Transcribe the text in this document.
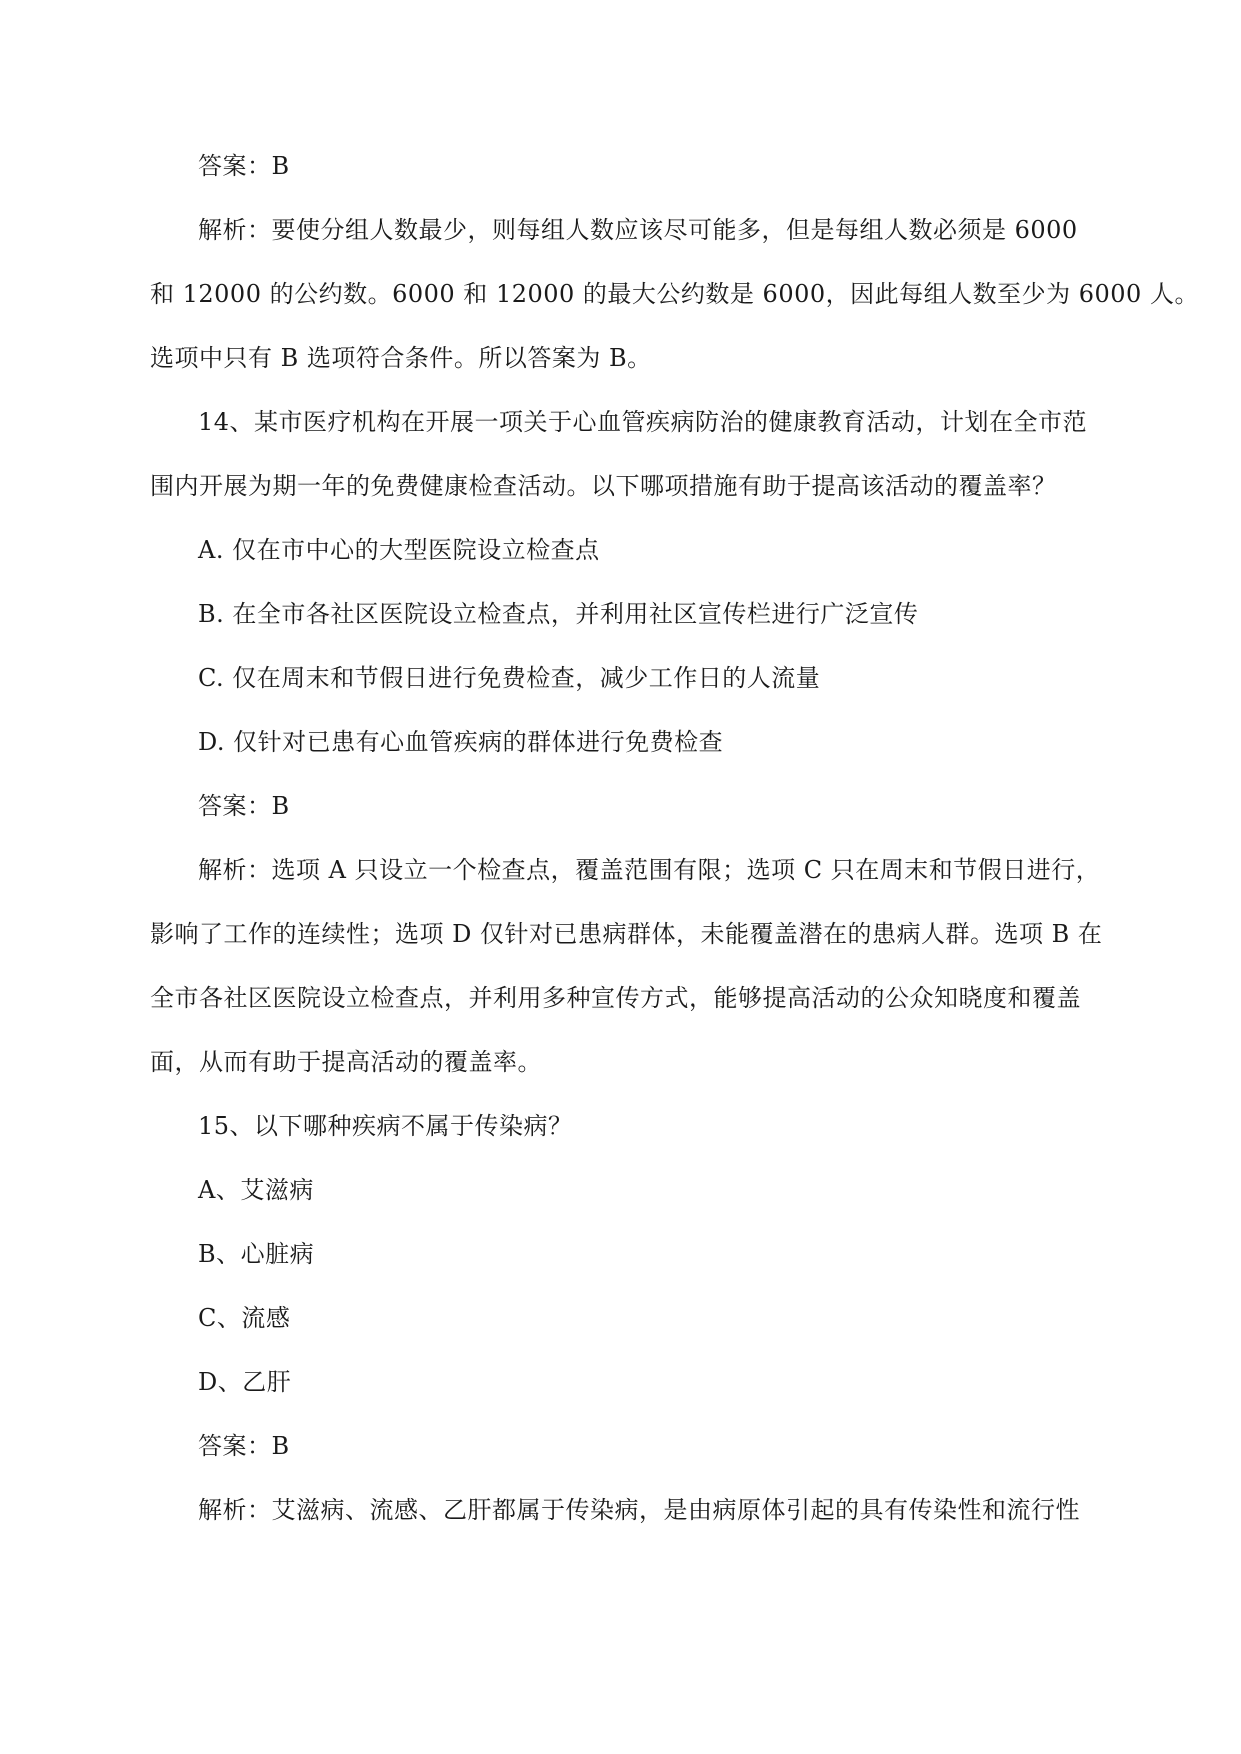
答案：B
解析：要使分组人数最少，则每组人数应该尽可能多，但是每组人数必须是 6000
和 12000 的公约数。6000 和 12000 的最大公约数是 6000，因此每组人数至少为 6000 人。
选项中只有 B 选项符合条件。所以答案为 B。
14、某市医疗机构在开展一项关于心血管疾病防治的健康教育活动，计划在全市范
围内开展为期一年的免费健康检查活动。以下哪项措施有助于提高该活动的覆盖率？
A. 仅在市中心的大型医院设立检查点
B. 在全市各社区医院设立检查点，并利用社区宣传栏进行广泛宣传
C. 仅在周末和节假日进行免费检查，减少工作日的人流量
D. 仅针对已患有心血管疾病的群体进行免费检查
答案：B
解析：选项 A 只设立一个检查点，覆盖范围有限；选项 C 只在周末和节假日进行，
影响了工作的连续性；选项 D 仅针对已患病群体，未能覆盖潜在的患病人群。选项 B 在
全市各社区医院设立检查点，并利用多种宣传方式，能够提高活动的公众知晓度和覆盖
面，从而有助于提高活动的覆盖率。
15、以下哪种疾病不属于传染病？
A、艾滋病
B、心脏病
C、流感
D、乙肝
答案：B
解析：艾滋病、流感、乙肝都属于传染病，是由病原体引起的具有传染性和流行性
